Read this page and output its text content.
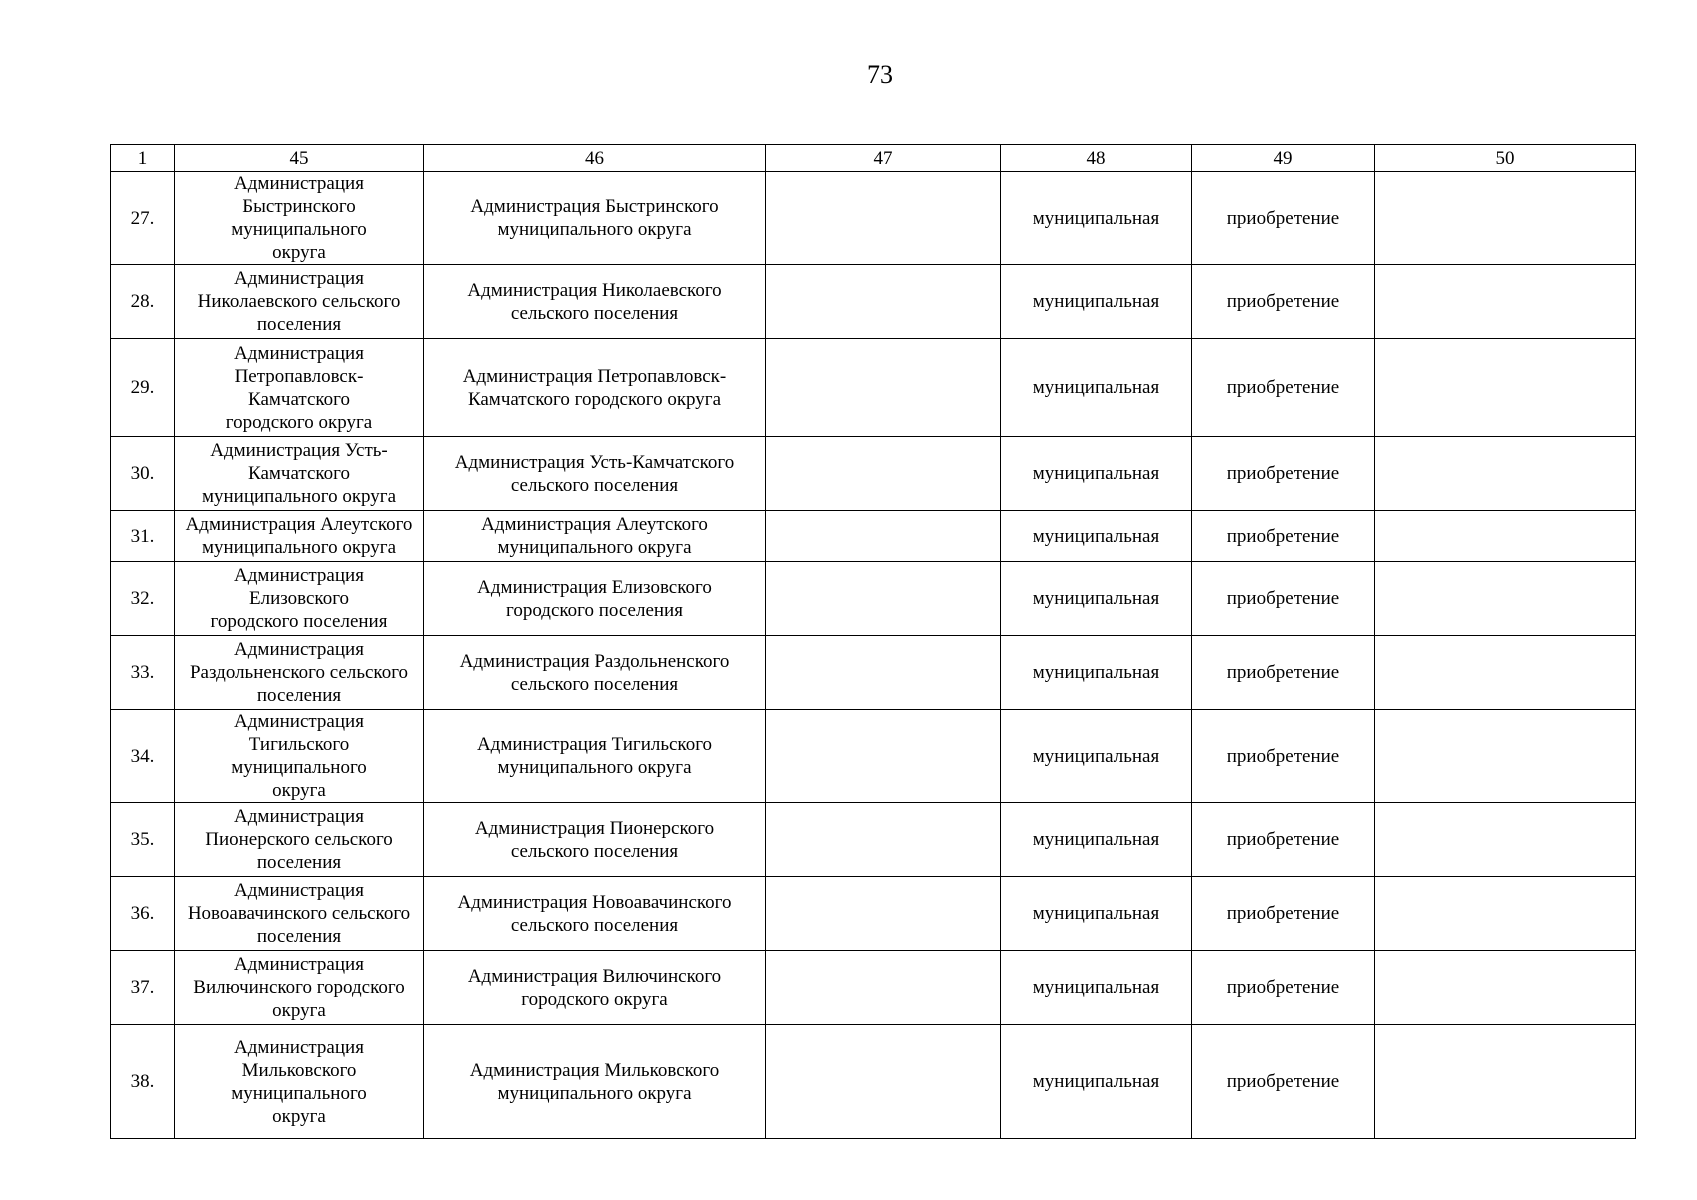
73
1	45	46	47	48	49	50
27.	Администрация Быстринского муниципального округа	Администрация Быстринского муниципального округа		муниципальная	приобретение	
28.	Администрация Николаевского сельского поселения	Администрация Николаевского сельского поселения		муниципальная	приобретение	
29.	Администрация Петропавловск-Камчатского городского округа	Администрация Петропавловск-Камчатского городского округа		муниципальная	приобретение	
30.	Администрация Усть-Камчатского муниципального округа	Администрация Усть-Камчатского сельского поселения		муниципальная	приобретение	
31.	Администрация Алеутского муниципального округа	Администрация Алеутского муниципального округа		муниципальная	приобретение	
32.	Администрация Елизовского городского поселения	Администрация Елизовского городского поселения		муниципальная	приобретение	
33.	Администрация Раздольненского сельского поселения	Администрация Раздольненского сельского поселения		муниципальная	приобретение	
34.	Администрация Тигильского муниципального округа	Администрация Тигильского муниципального округа		муниципальная	приобретение	
35.	Администрация Пионерского сельского поселения	Администрация Пионерского сельского поселения		муниципальная	приобретение	
36.	Администрация Новоавачинского сельского поселения	Администрация Новоавачинского сельского поселения		муниципальная	приобретение	
37.	Администрация Вилючинского городского округа	Администрация Вилючинского городского округа		муниципальная	приобретение	
38.	Администрация Мильковского муниципального округа	Администрация Мильковского муниципального округа		муниципальная	приобретение	
